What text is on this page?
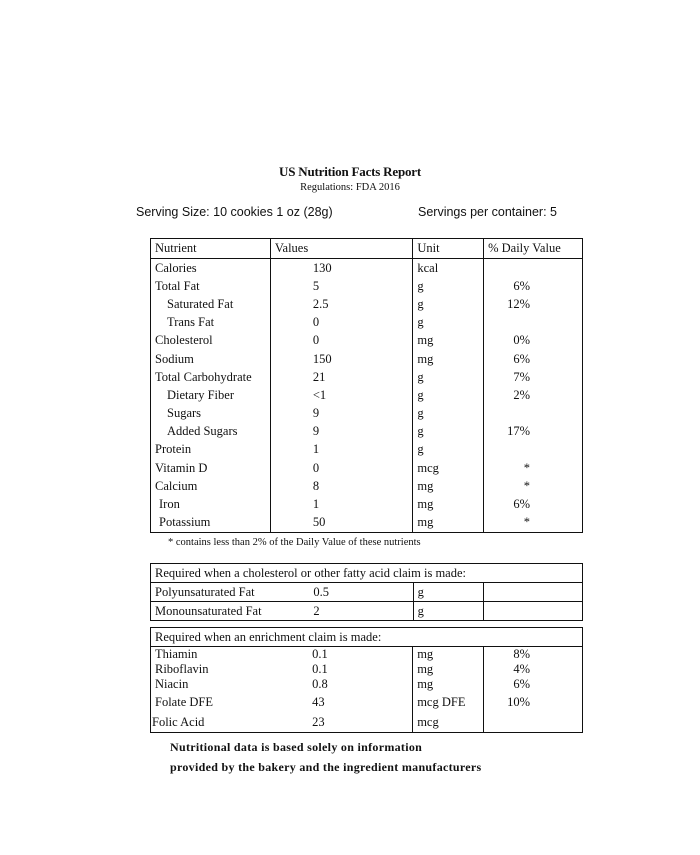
US Nutrition Facts Report
Regulations: FDA 2016
Serving Size: 10 cookies 1 oz (28g)	Servings per container: 5
Nutrient	Values	Unit	% Daily Value
Calories	130	kcal	
Total Fat	5	g	6%
Saturated Fat	2.5	g	12%
Trans Fat	0	g	
Cholesterol	0	mg	0%
Sodium	150	mg	6%
Total Carbohydrate	21	g	7%
Dietary Fiber	<1	g	2%
Sugars	9	g	
Added Sugars	9	g	17%
Protein	1	g	
Vitamin D	0	mcg	*
Calcium	8	mg	*
Iron	1	mg	6%
Potassium	50	mg	*
* contains less than 2% of the Daily Value of these nutrients
Required when a cholesterol or other fatty acid claim is made:			
Polyunsaturated Fat	0.5	g	
Monounsaturated Fat	2	g	
Required when an enrichment claim is made:			
Thiamin	0.1	mg	8%
Riboflavin	0.1	mg	4%
Niacin	0.8	mg	6%
Folate DFE	43	mcg DFE	10%
Folic Acid	23	mcg	
Nutritional data is based solely on information
provided by the bakery and the ingredient manufacturers
